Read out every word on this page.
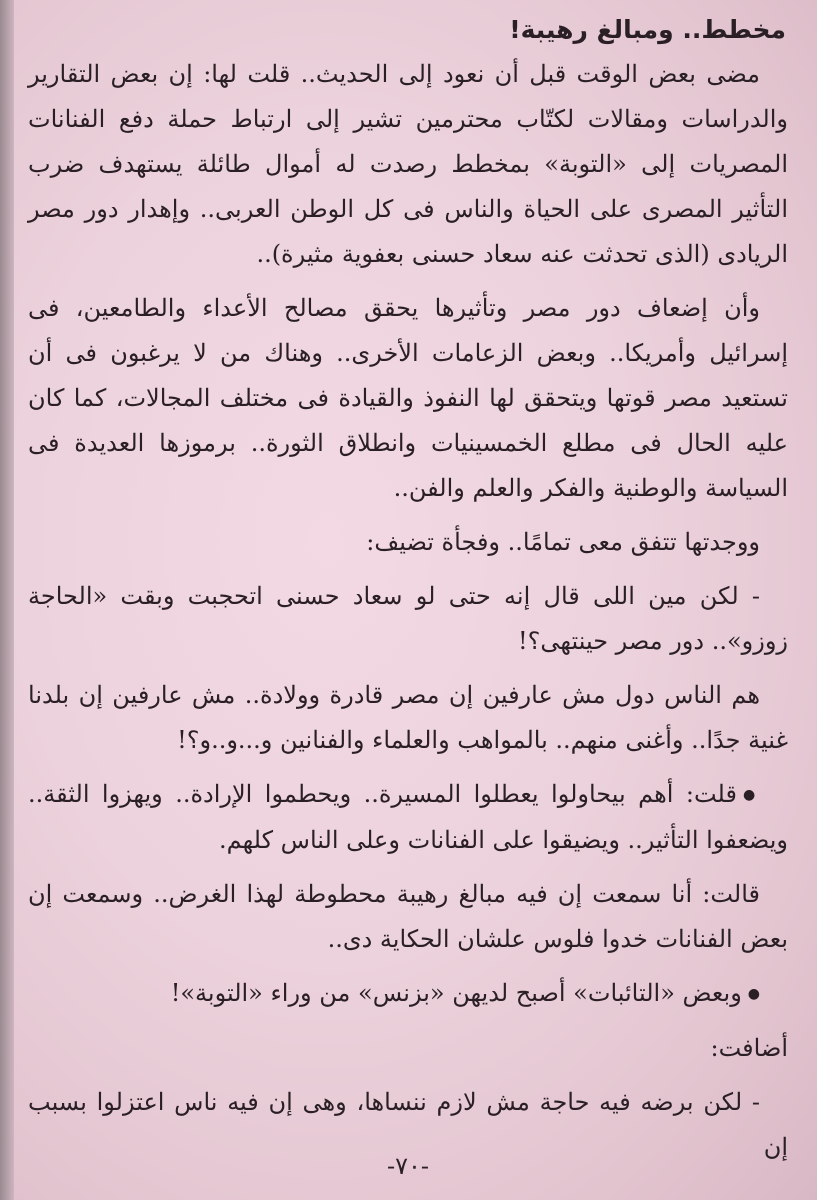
مخطط.. ومبالغ رهيبة!

مضى بعض الوقت قبل أن نعود إلى الحديث.. قلت لها: إن بعض التقارير والدراسات ومقالات لكتّاب محترمين تشير إلى ارتباط حملة دفع الفنانات المصريات إلى «التوبة» بمخطط رصدت له أموال طائلة يستهدف ضرب التأثير المصرى على الحياة والناس فى كل الوطن العربى.. وإهدار دور مصر الريادى (الذى تحدثت عنه سعاد حسنى بعفوية مثيرة)..

وأن إضعاف دور مصر وتأثيرها يحقق مصالح الأعداء والطامعين، فى إسرائيل وأمريكا.. وبعض الزعامات الأخرى.. وهناك من لا يرغبون فى أن تستعيد مصر قوتها ويتحقق لها النفوذ والقيادة فى مختلف المجالات، كما كان عليه الحال فى مطلع الخمسينيات وانطلاق الثورة.. برموزها العديدة فى السياسة والوطنية والفكر والعلم والفن..

ووجدتها تتفق معى تمامًا.. وفجأة تضيف:

- لكن مين اللى قال إنه حتى لو سعاد حسنى اتحجبت وبقت «الحاجة زوزو».. دور مصر حينتهى؟!

هم الناس دول مش عارفين إن مصر قادرة وولادة.. مش عارفين إن بلدنا غنية جدًا.. وأغنى منهم.. بالمواهب والعلماء والفنانين و...و..و؟!

● قلت: أهم بيحاولوا يعطلوا المسيرة.. ويحطموا الإرادة.. ويهزوا الثقة.. ويضعفوا التأثير.. ويضيقوا على الفنانات وعلى الناس كلهم.

قالت: أنا سمعت إن فيه مبالغ رهيبة محطوطة لهذا الغرض.. وسمعت إن بعض الفنانات خدوا فلوس علشان الحكاية دى..

● وبعض «التائبات» أصبح لديهن «بزنس» من وراء «التوبة»!

أضافت:

- لكن برضه فيه حاجة مش لازم ننساها، وهى إن فيه ناس اعتزلوا بسبب إن

-٧٠-
